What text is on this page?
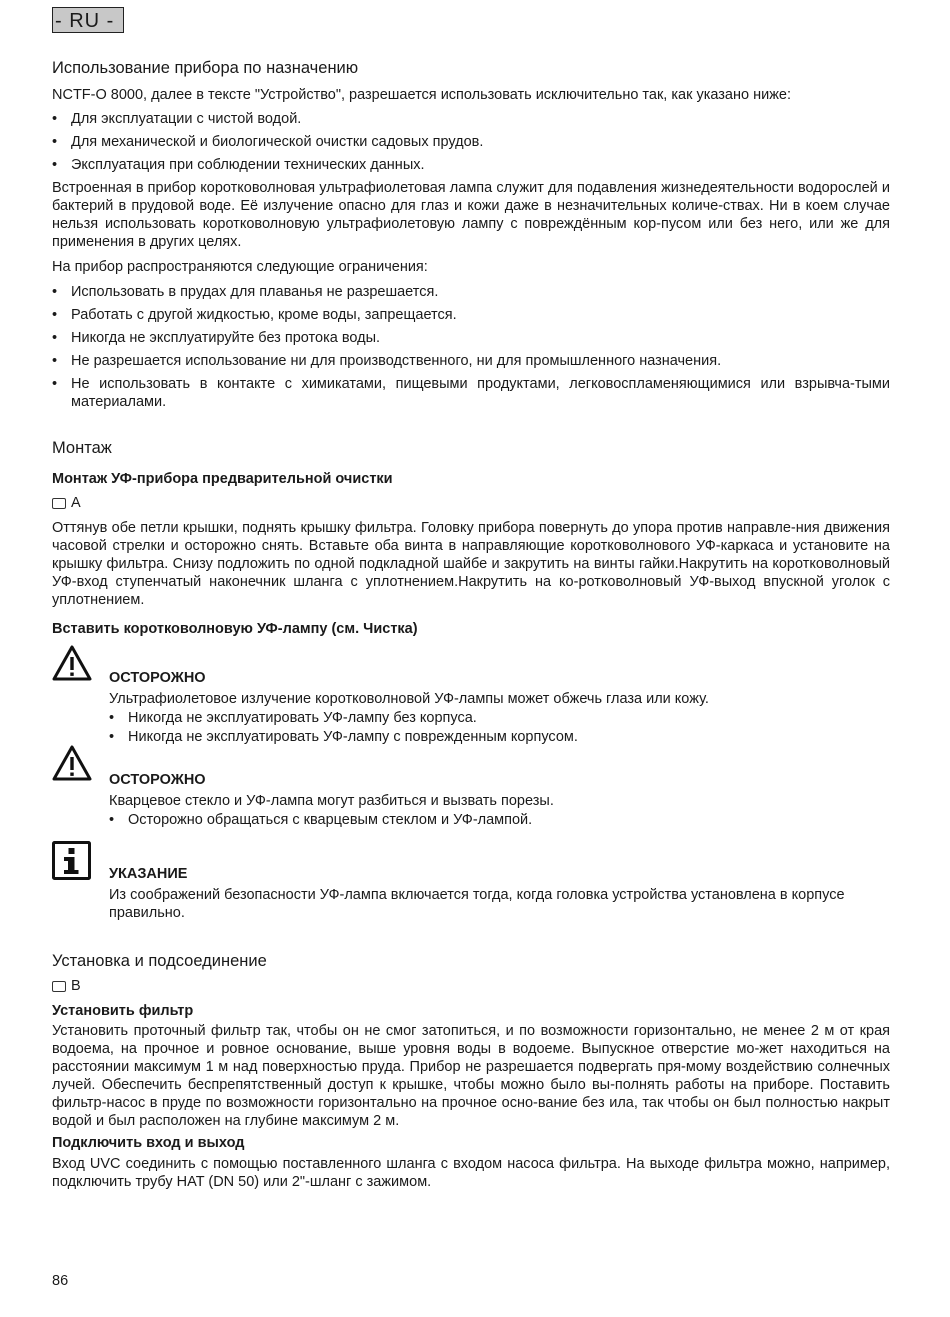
- RU -
Использование прибора по назначению

NCTF-O 8000, далее в тексте "Устройство", разрешается использовать исключительно так, как указано ниже:

• Для эксплуатации с чистой водой.
• Для механической и биологической очистки садовых прудов.
• Эксплуатация при соблюдении технических данных.

Встроенная в прибор коротковолновая ультрафиолетовая лампа служит для подавления жизнедеятельности водорослей и бактерий в прудовой воде. Её излучение опасно для глаз и кожи даже в незначительных количе-ствах. Ни в коем случае нельзя использовать коротковолновую ультрафиолетовую лампу с повреждённым кор-пусом или без него, или же для применения в других целях.

На прибор распространяются следующие ограничения:

• Использовать в прудах для плаванья не разрешается.
• Работать с другой жидкостью, кроме воды, запрещается.
• Никогда не эксплуатируйте без протока воды.
• Не разрешается использование ни для производственного, ни для промышленного назначения.
• Не использовать в контакте с химикатами, пищевыми продуктами, легковоспламеняющимися или взрывча-тыми материалами.
Монтаж
Монтаж УФ-прибора предварительной очистки
A

Оттянув обе петли крышки, поднять крышку фильтра. Головку прибора повернуть до упора против направле-ния движения часовой стрелки и осторожно снять. Вставьте оба винта в направляющие коротковолнового УФ-каркаса и установите на крышку фильтра. Снизу подложить по одной подкладной шайбе и закрутить на винты гайки.Накрутить на коротковолновый УФ-вход ступенчатый наконечник шланга с уплотнением.Накрутить на ко-ротковолновый УФ-выход впускной уголок с уплотнением.

Вставить коротковолновую УФ-лампу (см. Чистка)

ОСТОРОЖНО

Ультрафиолетовое излучение коротковолновой УФ-лампы может обжечь глаза или кожу.

• Никогда не эксплуатировать УФ-лампу без корпуса.
• Никогда не эксплуатировать УФ-лампу с поврежденным корпусом.

ОСТОРОЖНО

Кварцевое стекло и УФ-лампа могут разбиться и вызвать порезы.

• Осторожно обращаться с кварцевым стеклом и УФ-лампой.

УКАЗАНИЕ

Из соображений безопасности УФ-лампа включается тогда, когда головка устройства установлена в корпусе правильно.

Установка и подсоединение
B
Установить фильтр

Установить проточный фильтр так, чтобы он не смог затопиться, и по возможности горизонтально, не менее 2 м от края водоема, на прочное и ровное основание, выше уровня воды в водоеме. Выпускное отверстие мо-жет находиться на расстоянии максимум 1 м над поверхностью пруда. Прибор не разрешается подвергать пря-мому воздействию солнечных лучей. Обеспечить беспрепятственный доступ к крышке, чтобы можно было вы-полнять работы на приборе. Поставить фильтр-насос в пруде по возможности горизонтально на прочное осно-вание без ила, так чтобы он был полностью накрыт водой и был расположен на глубине максимум 2 м.

Подключить вход и выход

Вход UVC соединить с помощью поставленного шланга с входом насоса фильтра. На выходе фильтра можно, например, подключить трубу HAT (DN 50) или 2"-шланг с зажимом.

86
